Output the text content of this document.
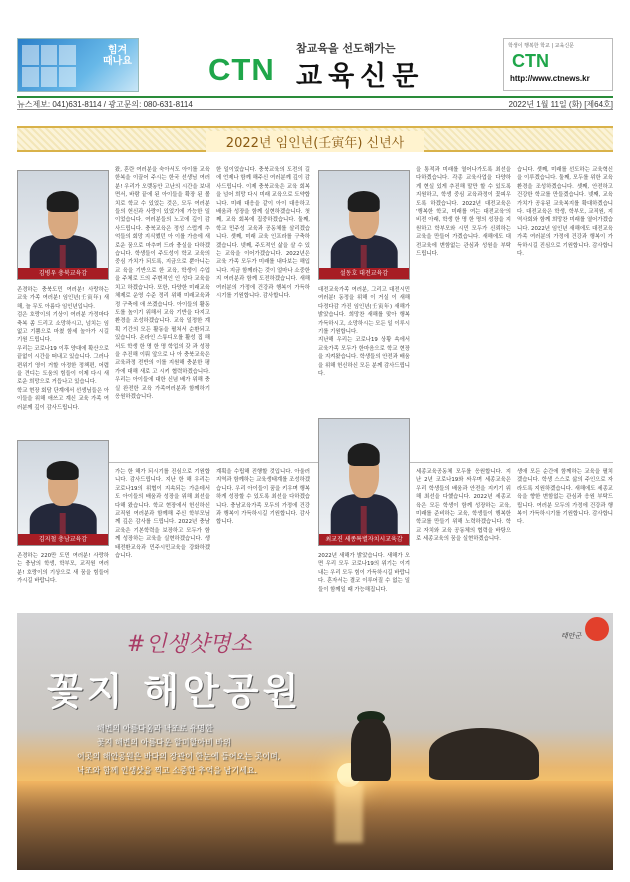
힘겨
때나요
참교육을 선도해가는
CTN 교육신문
학생이 행복한 학교 | 교육신문
CTN
http://www.ctnews.kr
뉴스제보: 041)631-8114 / 광고문의: 080-631-8114	2022년 1월 11일 (화) [제64호]
2022년 임인년(壬寅年) 신년사
김병우 충북교육감

존경하는 충북도민 여러분! 사랑하는 교육 가족 여러분! 임인년(壬寅年) 새해, 늘 무도 아름다 임인년입니다.

검은 호랑이의 기상이 여러분 가정마다 축복 좀 드리고 소망하시고, 넘치는 임 없고 기쁨으로 마쳤 함세 놀아가 시길 기원 드립니다.

우리는 코로나19 이후 양대에 확산으로 끝없이 시간을 떠내고 있습니다. 그러나 편위기 영이 거할 아정한 정책편, 어렵을 견디는 도움의 힘들이 이제 다시 새로운 희망으로 거듭나고 있습니다.

학교 현장 회담 단계에서 선생님들은 아이들을 위해 애쓰고 계신 교육 가족 여러분께 깊이 감사드립니다.

왔, 혼란 여러분을 숙아서도 아이를 교육 한복을 이끌어 주시는 한국 선생님 여러분! 우리가 오랫동안 고난의 시간을 보내면서, 바람 끝에 된 아이들을 확장 된 볼치로 학교 수 있었는 것은, 모두 여러분들의 헌신과 사랑이 있었기에 가능한 일이었습니다. 여러분들의 노고에 깊이 감사드립니다. 충북교육은 정성 스럽게 추억들의 회망 지식했던 아 이를 가슴에 새로운 꿈으로 마추며 드라 충실을 다하겠습니다. 학생들이 주도성이 학교 교육의 중심 가치가 되도록, 지금으로 뿐아니는 교 육을 기반으로 한 교육, 학생이 수업을 주체로 드의 주변적인 인 성다 교육을 치고 하겠습니다. 또한, 다양한 미래교육체제로 운영 수준 정리 위해 미래교육과정 구축에 애 쓰겠습니다. 아이들의 활동도를 높이기 위해서 교육 기반을 다지고 환경을 조성하겠습니다. 교육 일정한 계획 기간의 모든 활동을 펼쳐서 순환되고 있습니다. 온라인 스튜디오를 활성 집 해서도 학생 한 명 한 명 학업의 갖 과 성장을 추진해 이뤄 앞으로 나 아 충북교육은 교육과정 전반의 이를 지원해 충분한 평가에 대해 새로 고 시키 협력하겠습니다. 우리는 아이들에 대한 신념 배가 위해 충실 완전한 교육 가족여러분과 함께하기 응원하겠습니다.
한 일이었습니다. 충북교육의 도전의 길에 언제나 함께 해주신 여러분께 깊이 감사드립니다. 이제 충북교육은 교육 회복을 넘어 희망 다시 미래 교육으로 도약합니다. 미래 대응을 같이 아이 대응하고 배움과 성장을 함께 실현하겠습니다. 첫째, 교육 회복에 집중하겠습니다. 둘째, 학교 민주성 교육과 공동체를 살리겠습니다. 셋째, 미래 교육 인프라를 구축하겠습니다. 넷째, 주도적인 삶을 살 수 있는 교육을 이어가겠습니다. 2022년은 교육 가족 모두가 미래를 내다보는 해입니다. 지금 함께라는 것이 얼마나 소중한지 여러분과 함께 도전하겠습니다. 새해 여러분의 가정에 건강과 행복이 가득하시기를 기원합니다. 감사합니다.
설동호 대전교육감

대전교육가족 여러분, 그리고 대전시민 여러분! 동정을 위해 이 거실 이 새해 다정다감 가진 임인년(壬寅年) 새해가 밝았습니다. 희망찬 새해를 맞아 행복 가득하시고, 소망하시는 모든 일 이루시기를 기원합니다.

지난해 우리는 코로나19 상황 속에서 교육가족 모두가 한마음으로 학교 현장을 지켜왔습니다. 학생들의 안전과 배움을 위해 헌신하신 모든 분께 감사드립니다.

을 통적과 미래를 열어나가도록 최선을 다하겠습니다. 각종 교육사업을 다양하게 현실 있게 추진해 말만 할 수 있도록 지원하고, 학생 중심 교육과정이 꽃피우도록 하겠습니다. 2022년 대전교육은 '행복한 학교, 미래를 여는 대전교육'의 비전 아래, 학생 한 명 한 명의 성장을 지원하고 학부모와 시민 모두가 신뢰하는 교육을 만들어 가겠습니다. 새해에도 대전교육에 변함없는 관심과 성원을 부탁드립니다.
습니다. 셋째, 미래를 선도하는 교육혁신을 이루겠습니다. 둘째, 모두를 위한 교육 환경을 조성하겠습니다. 셋째, 안전하고 건강한 학교를 만들겠습니다. 넷째, 교육가치가 공유된 교육복지를 확대하겠습니다. 대전교육은 학생, 학부모, 교직원, 지역사회와 함께 희망찬 미래를 열어가겠습니다. 2022년 임인년 새해에도 대전교육가족 여러분의 가정에 건강과 행복이 가득하시길 진심으로 기원합니다. 감사합니다.
김지철 충남교육감

존경하는 220만 도민 여러분! 사랑하는 충남의 학생, 학부모, 교직원 여러분! 호랑이의 기상으로 새 꿈을 힘들어 가시길 바랍니다.

가는 한 해가 되시기를 진심으로 기원합니다. 감사드립니다. 지난 한 해 우리는 코로나19의 위협이 지속되는 가운데서도 아이들의 배움과 성장을 위해 최선을 다해 왔습니다. 학교 현장에서 헌신하신 교직원 여러분과 함께해 주신 학부모님께 깊은 감사를 드립니다. 2022년 충남교육은 기본학력을 보장하고 모두가 함께 성장하는 교육을 실현하겠습니다. 생태전환교육과 민주시민교육을 강화하겠습니다.
계획을 수립해 진행할 것입니다. 아울러 지역과 함께하는 교육생태계를 조성하겠습니다. 우리 아이들이 꿈을 키우며 행복하게 성장할 수 있도록 최선을 다하겠습니다. 충남교육가족 모두의 가정에 건강과 행복이 가득하시길 기원합니다. 감사합니다.
최교진 세종특별자치시교육감

2022년 새해가 밝았습니다. 새해가 오면 우리 모두 코로나19의 위기는 이겨내는 우리 모두 힘이 가득하시길 바랍니다. 혼자서는 결코 이루어질 수 없는 일들이 함께일 때 가능해집니다.

세종교육공동체 모두를 응원합니다. 지난 2년 코로나19와 싸우며 세종교육은 우리 학생들의 배움과 안전을 지키기 위해 최선을 다했습니다. 2022년 세종교육은 모든 학생이 함께 성장하는 교육, 미래를 준비하는 교육, 학생들이 행복한 학교를 만들기 위해 노력하겠습니다. 학교 자치와 교육 공동체의 협력을 바탕으로 세종교육의 꿈을 실현하겠습니다.
생애 모든 순간에 함께하는 교육을 펼치겠습니다. 학생 스스로 삶의 주인으로 자라도록 지원하겠습니다. 새해에도 세종교육을 향한 변함없는 관심과 응원 부탁드립니다. 여러분 모두의 가정에 건강과 행복이 가득하시기를 기원합니다. 감사합니다.
#인생샷명소
꽃지 해안공원
해변의 아름다움과 낙조로 유명한
꽃지 해변의 아름다운 할미할아비 바위
이곳의 해안공원은 바다의 장관이 한눈에 들어오는 곳이며,
낙조와 함께 인생샷을 찍고 소중한 추억을 남기세요.
태안군
